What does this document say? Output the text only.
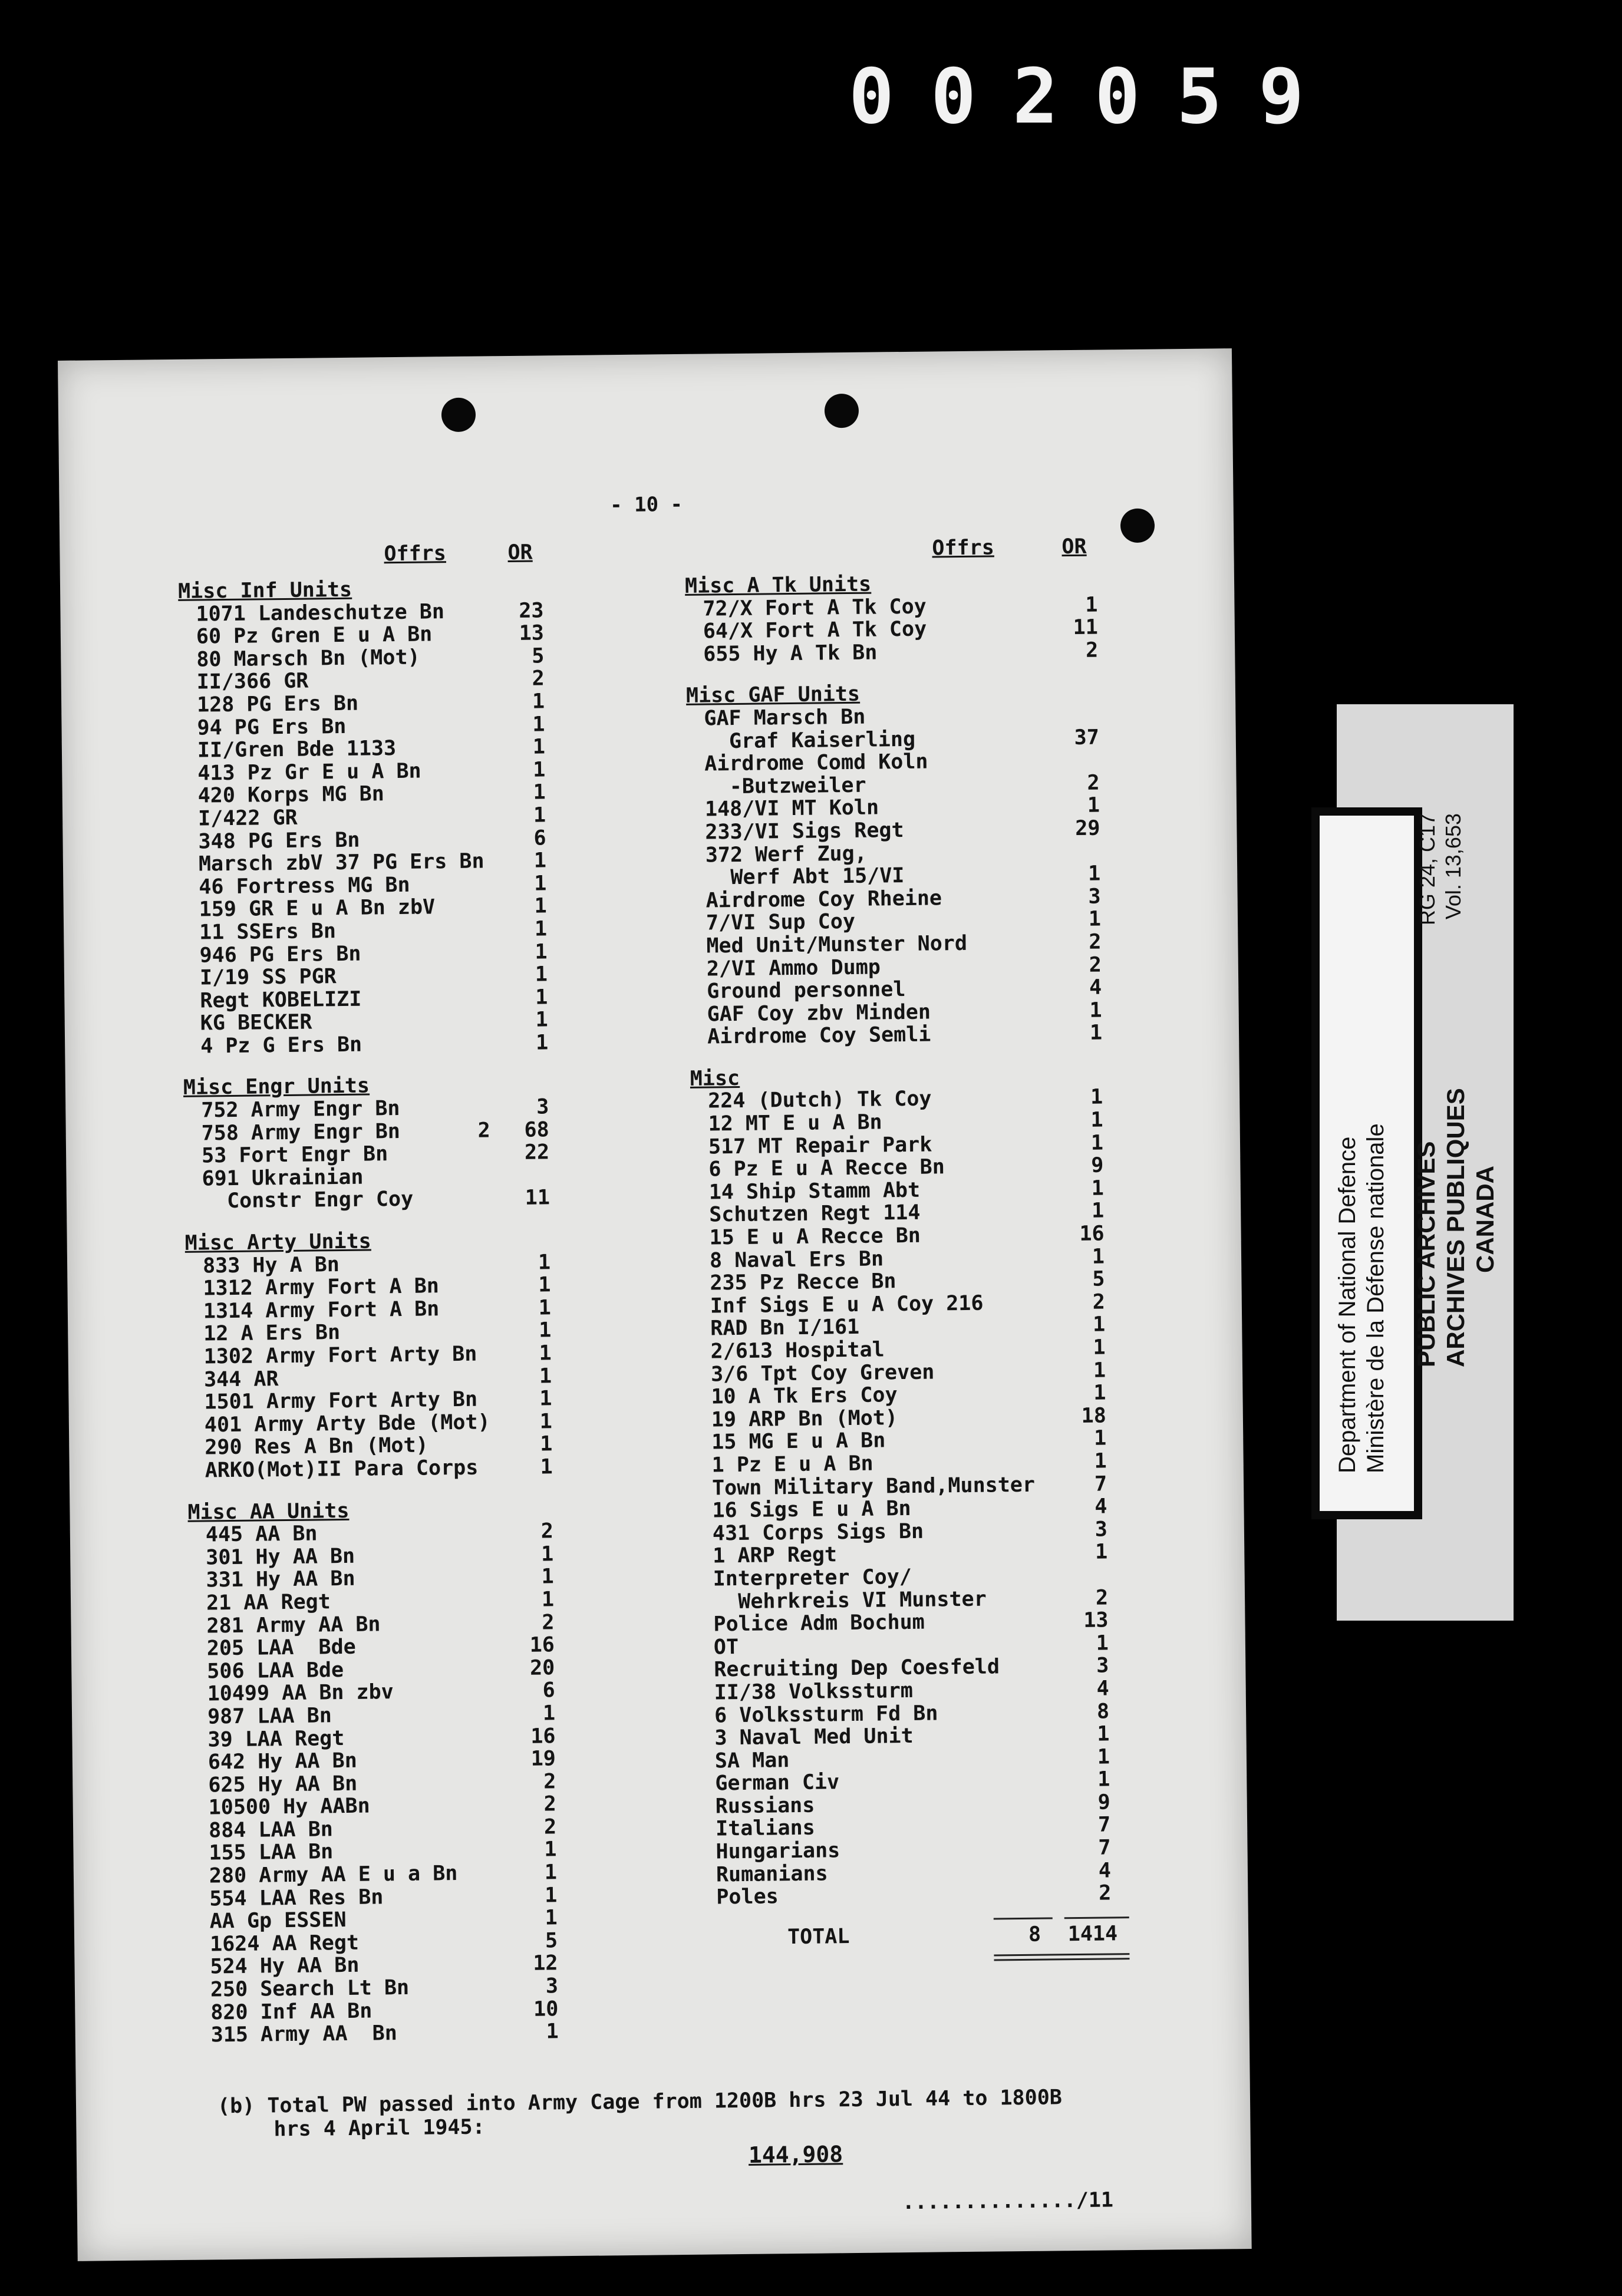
002059
- 10 -
Offrs	OR
Misc Inf Units
1071 Landeschutze Bn	23
60 Pz Gren E u A Bn	13
80 Marsch Bn (Mot)	5
II/366 GR	2
128 PG Ers Bn	1
94 PG Ers Bn	1
II/Gren Bde 1133	1
413 Pz Gr E u A Bn	1
420 Korps MG Bn	1
I/422 GR	1
348 PG Ers Bn	6
Marsch zbV 37 PG Ers Bn	1
46 Fortress MG Bn	1
159 GR E u A Bn zbV	1
11 SSErs Bn	1
946 PG Ers Bn	1
I/19 SS PGR	1
Regt KOBELIZI	1
KG BECKER	1
4 Pz G Ers Bn	1
Misc Engr Units
752 Army Engr Bn	3
758 Army Engr Bn	2	68
53 Fort Engr Bn	22
691 Ukrainian
Constr Engr Coy	11
Misc Arty Units
833 Hy A Bn	1
1312 Army Fort A Bn	1
1314 Army Fort A Bn	1
12 A Ers Bn	1
1302 Army Fort Arty Bn	1
344 AR	1
1501 Army Fort Arty Bn	1
401 Army Arty Bde (Mot)	1
290 Res A Bn (Mot)	1
ARKO(Mot)II Para Corps	1
Misc AA Units
445 AA Bn	2
301 Hy AA Bn	1
331 Hy AA Bn	1
21 AA Regt	1
281 Army AA Bn	2
205 LAA  Bde	16
506 LAA Bde	20
10499 AA Bn zbv	6
987 LAA Bn	1
39 LAA Regt	16
642 Hy AA Bn	19
625 Hy AA Bn	2
10500 Hy AABn	2
884 LAA Bn	2
155 LAA Bn	1
280 Army AA E u a Bn	1
554 LAA Res Bn	1
AA Gp ESSEN	1
1624 AA Regt	5
524 Hy AA Bn	12
250 Search Lt Bn	3
820 Inf AA Bn	10
315 Army AA  Bn	1
Offrs	OR
Misc A Tk Units
72/X Fort A Tk Coy	1
64/X Fort A Tk Coy	11
655 Hy A Tk Bn	2
Misc GAF Units
GAF Marsch Bn
Graf Kaiserling	37
Airdrome Comd Koln
-Butzweiler	2
148/VI MT Koln	1
233/VI Sigs Regt	29
372 Werf Zug,
Werf Abt 15/VI	1
Airdrome Coy Rheine	3
7/VI Sup Coy	1
Med Unit/Munster Nord	2
2/VI Ammo Dump	2
Ground personnel	4
GAF Coy zbv Minden	1
Airdrome Coy Semli	1
Misc
224 (Dutch) Tk Coy	1
12 MT E u A Bn	1
517 MT Repair Park	1
6 Pz E u A Recce Bn	9
14 Ship Stamm Abt	1
Schutzen Regt 114	1
15 E u A Recce Bn	16
8 Naval Ers Bn	1
235 Pz Recce Bn	5
Inf Sigs E u A Coy 216	2
RAD Bn I/161	1
2/613 Hospital	1
3/6 Tpt Coy Greven	1
10 A Tk Ers Coy	1
19 ARP Bn (Mot)	18
15 MG E u A Bn	1
1 Pz E u A Bn	1
Town Military Band,Munster	7
16 Sigs E u A Bn	4
431 Corps Sigs Bn	3
1 ARP Regt	1
Interpreter Coy/
Wehrkreis VI Munster	2
Police Adm Bochum	13
OT	1
Recruiting Dep Coesfeld	3
II/38 Volkssturm	4
6 Volkssturm Fd Bn	8
3 Naval Med Unit	1
SA Man	1
German Civ	1
Russians	9
Italians	7
Hungarians	7
Rumanians	4
Poles	2
TOTAL	8	1414
(b) Total PW passed into Army Cage from 1200B hrs 23 Jul 44 to 1800B
hrs 4 April 1945:
144,908
............../11
Department of National Defence Ministère de la Défense nationale
RG 24, C17 Vol. 13,653
PUBLIC ARCHIVES ARCHIVES PUBLIQUES CANADA
